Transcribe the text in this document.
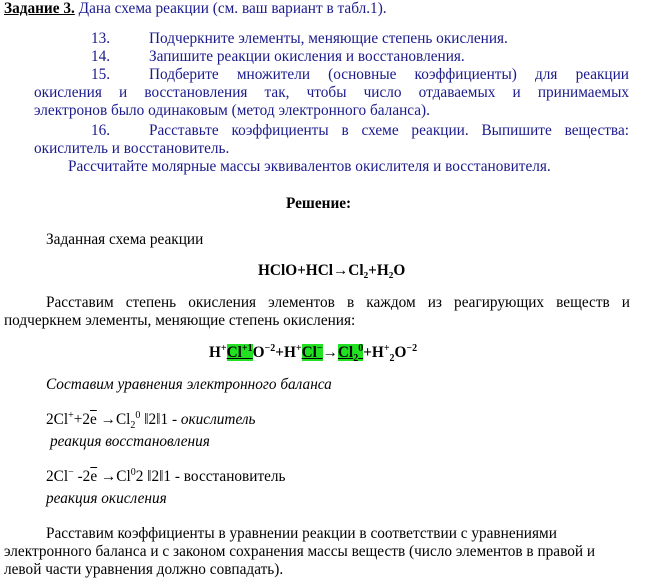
Задание 3. Дана схема реакции (см. ваш вариант в табл.1).
13.	Подчеркните элементы, меняющие степень окисления.
14.	Запишите реакции окисления и восстановления.
15.	Подберите множители (основные коэффициенты) для реакции
окисления и восстановления так, чтобы число отдаваемых и принимаемых
электронов было одинаковым (метод электронного баланса).
16.	Расставьте коэффициенты в схеме реакции. Выпишите вещества:
окислитель и восстановитель.
Рассчитайте молярные массы эквивалентов окислителя и восстановителя.
Решение:
Заданная схема реакции
HClO+HCl→Cl₂+H₂O
Расставим степень окисления элементов в каждом из реагирующих веществ и
подчеркнем элементы, меняющие степень окисления:
$H^+Cl^{+1}O^{-2}+H^+Cl^-\to Cl_2^0+H^+_2O^{-2}$
Составим уравнения электронного баланса
$2Cl^++2\overline{e} \to Cl_2^0$ ‖2‖1 - окислитель
реакция восстановления
2Cl− $-2\overline{e} \to Cl^02$ ‖2‖1 - восстановитель
реакция окисления
Расставим коэффициенты в уравнении реакции в соответствии с уравнениями
электронного баланса и с законом сохранения массы веществ (число элементов в правой и
левой части уравнения должно совпадать).
